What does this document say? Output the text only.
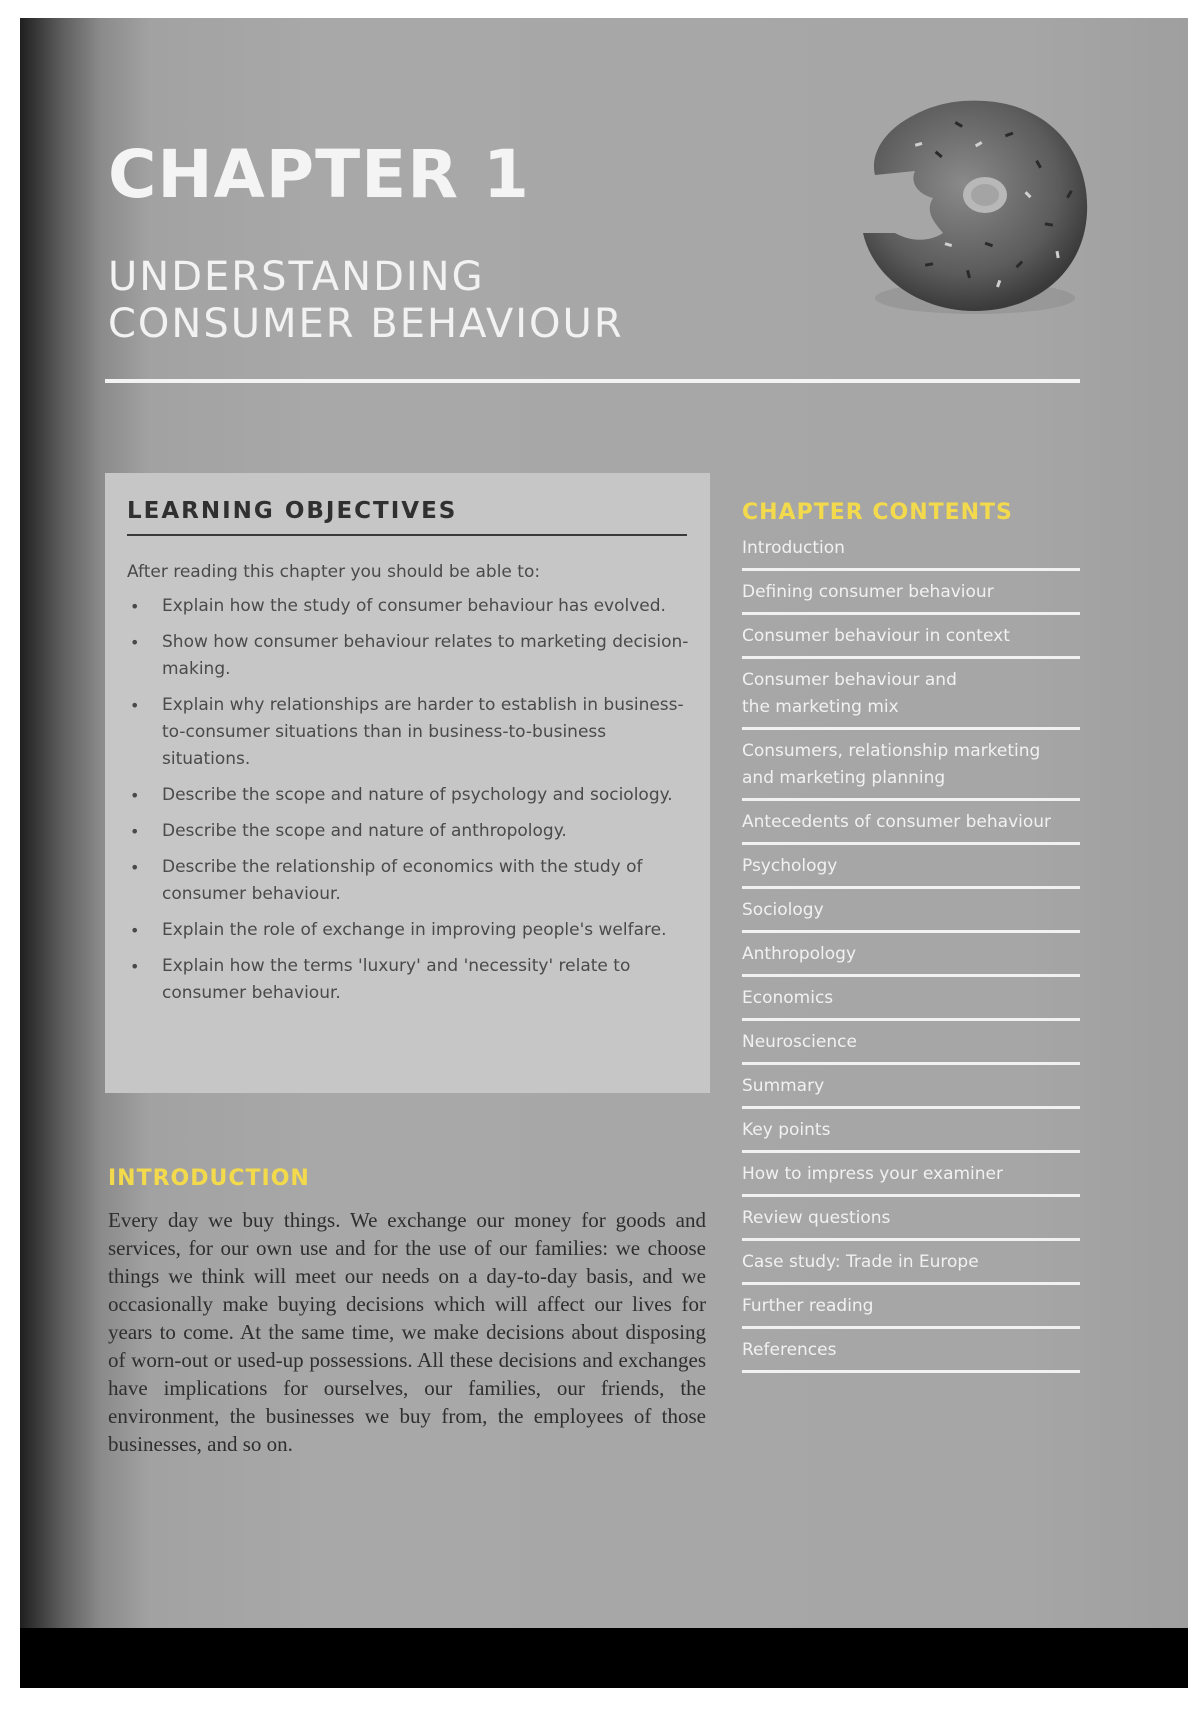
CHAPTER 1
UNDERSTANDING
CONSUMER BEHAVIOUR
LEARNING OBJECTIVES

After reading this chapter you should be able to:

• Explain how the study of consumer behaviour has evolved.
• Show how consumer behaviour relates to marketing decision-making.
• Explain why relationships are harder to establish in business-to-consumer situations than in business-to-business situations.
• Describe the scope and nature of psychology and sociology.
• Describe the scope and nature of anthropology.
• Describe the relationship of economics with the study of consumer behaviour.
• Explain the role of exchange in improving people's welfare.
• Explain how the terms 'luxury' and 'necessity' relate to consumer behaviour.
CHAPTER CONTENTS
Introduction
Defining consumer behaviour
Consumer behaviour in context
Consumer behaviour and
the marketing mix
Consumers, relationship marketing
and marketing planning
Antecedents of consumer behaviour
Psychology
Sociology
Anthropology
Economics
Neuroscience
Summary
Key points
How to impress your examiner
Review questions
Case study: Trade in Europe
Further reading
References
INTRODUCTION

Every day we buy things. We exchange our money for goods and services, for our own use and for the use of our families: we choose things we think will meet our needs on a day-to-day basis, and we occasionally make buying decisions which will affect our lives for years to come. At the same time, we make decisions about disposing of worn-out or used-up possessions. All these decisions and exchanges have implications for ourselves, our families, our friends, the environment, the businesses we buy from, the employees of those businesses, and so on.
